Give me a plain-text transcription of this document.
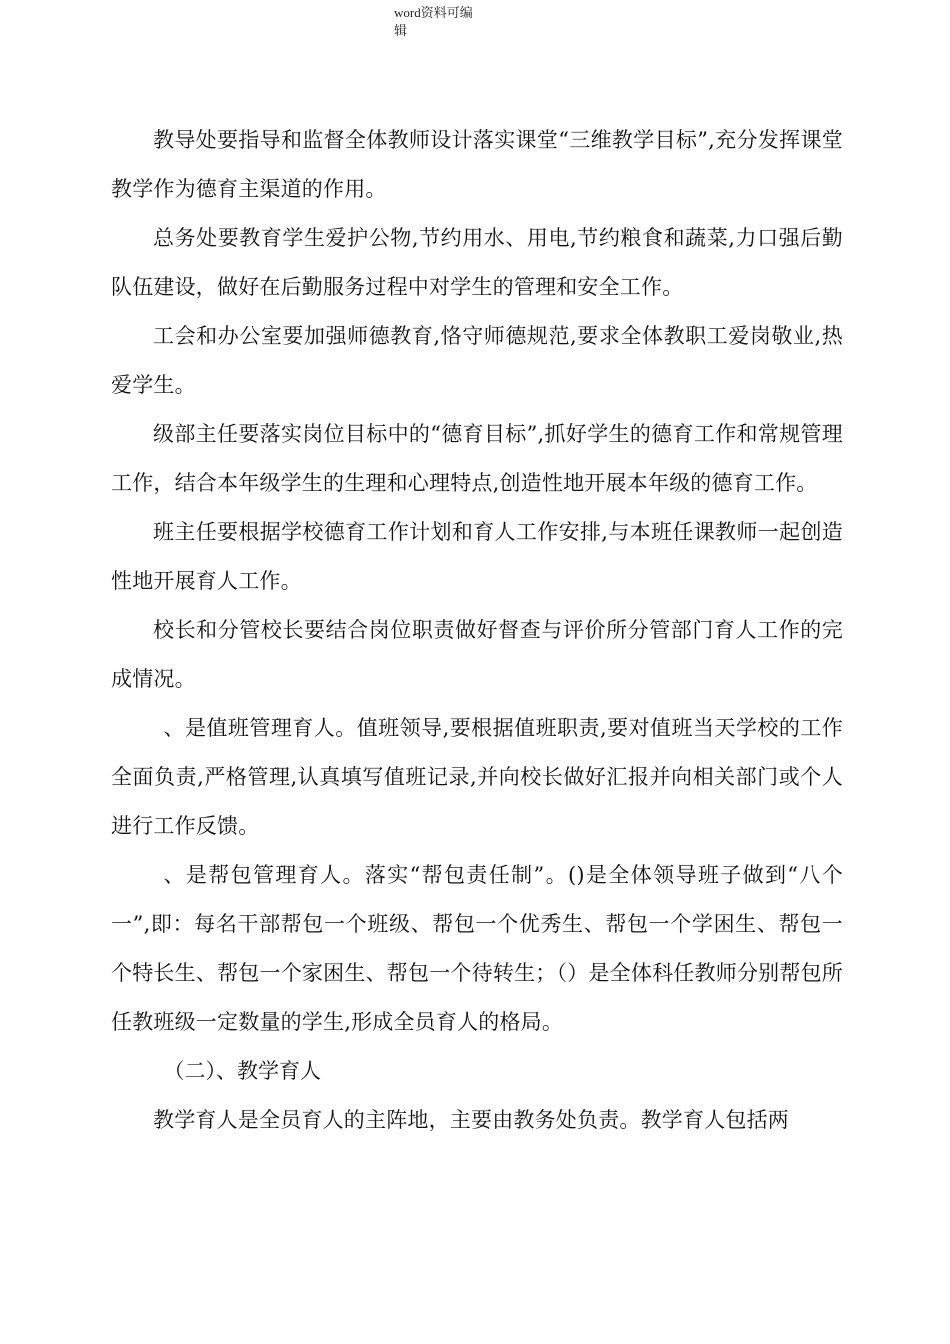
word资料可编
辑

教导处要指导和监督全体教师设计落实课堂“三维教学目标”,充分发挥课堂教学作为德育主渠道的作用。

总务处要教育学生爱护公物,节约用水、用电,节约粮食和蔬菜,力口强后勤队伍建设，做好在后勤服务过程中对学生的管理和安全工作。

工会和办公室要加强师德教育,恪守师德规范,要求全体教职工爱岗敬业,热爱学生。

级部主任要落实岗位目标中的“德育目标”,抓好学生的德育工作和常规管理工作，结合本年级学生的生理和心理特点,创造性地开展本年级的德育工作。

班主任要根据学校德育工作计划和育人工作安排,与本班任课教师一起创造性地开展育人工作。

校长和分管校长要结合岗位职责做好督查与评价所分管部门育人工作的完成情况。

、是值班管理育人。值班领导,要根据值班职责,要对值班当天学校的工作全面负责,严格管理,认真填写值班记录,并向校长做好汇报并向相关部门或个人进行工作反馈。

、是帮包管理育人。落实“帮包责任制”。()是全体领导班子做到“八个一”,即：每名干部帮包一个班级、帮包一个优秀生、帮包一个学困生、帮包一个特长生、帮包一个家困生、帮包一个待转生；（）是全体科任教师分别帮包所任教班级一定数量的学生,形成全员育人的格局。

（二）、教学育人

教学育人是全员育人的主阵地，主要由教务处负责。教学育人包括两
